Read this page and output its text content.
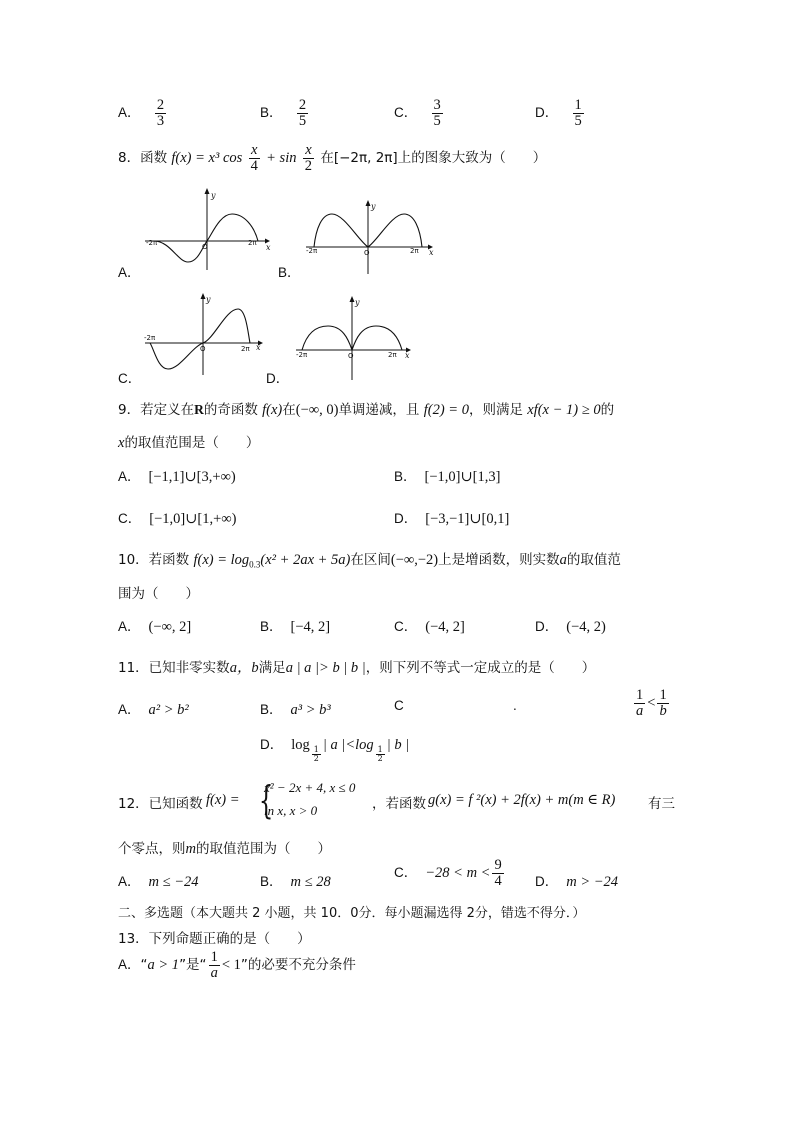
A． $\frac{2}{3}$	B． $\frac{2}{5}$	C． $\frac{3}{5}$	D． $\frac{1}{5}$
8．函数 f(x) = x³ $\cos \frac{x}{4} + \sin \frac{x}{2}$ 在[−2π, 2π]上的图象大致为（　　）
y
O
-2π	2π x
A．
y
O
-2π	2π x
B．
y
O
-2π
2π x
C．
y
O
-2π	2π x
D．
9．若定义在R的奇函数 f(x)在(−∞, 0)单调递减，且 f(2) = 0，则满足 xf(x − 1) ≥ 0的
x的取值范围是（　　）
A． [−1,1]∪[3,+∞)	B． [−1,0]∪[1,3]
C． [−1,0]∪[1,+∞)	D． [−3,−1]∪[0,1]
10．若函数 $f(x) = \log_{0.3}(x^2 + 2ax + 5a)$在区间(−∞,−2)上是增函数，则实数a的取值范
围为（　　）
A． (−∞, 2]	B． [−4, 2]	C． (−4, 2]	D． (−4, 2)
11．已知非零实数a，b满足a | a |> b | b |，则下列不等式一定成立的是（　　）
A． a² > b²	B． a³ > b³	C	.	$\frac{1}{a} < \frac{1}{b}$
D． log
$\frac{1}{2}$
| a |<log
$\frac{1}{2}$
| b |
12．已知函数 f(x) = {
x² − 2x + 4, x ≤ 0
ln x, x > 0	，若函数 g(x) = f ²(x) + 2f(x) + m(m ∈ R) 有三
个零点，则m的取值范围为（　　）
A． m ≤ −24	B． m ≤ 28
C． $-28 < m < \frac{9}{4}$ D． m > −24
二、多选题（本大题共 2 小题，共 10．0分．每小题漏选得 2分，错选不得分．）
13．下列命题正确的是（　　）
A．“a > 1”是“ $\frac{1}{a} < 1$”的必要不充分条件
